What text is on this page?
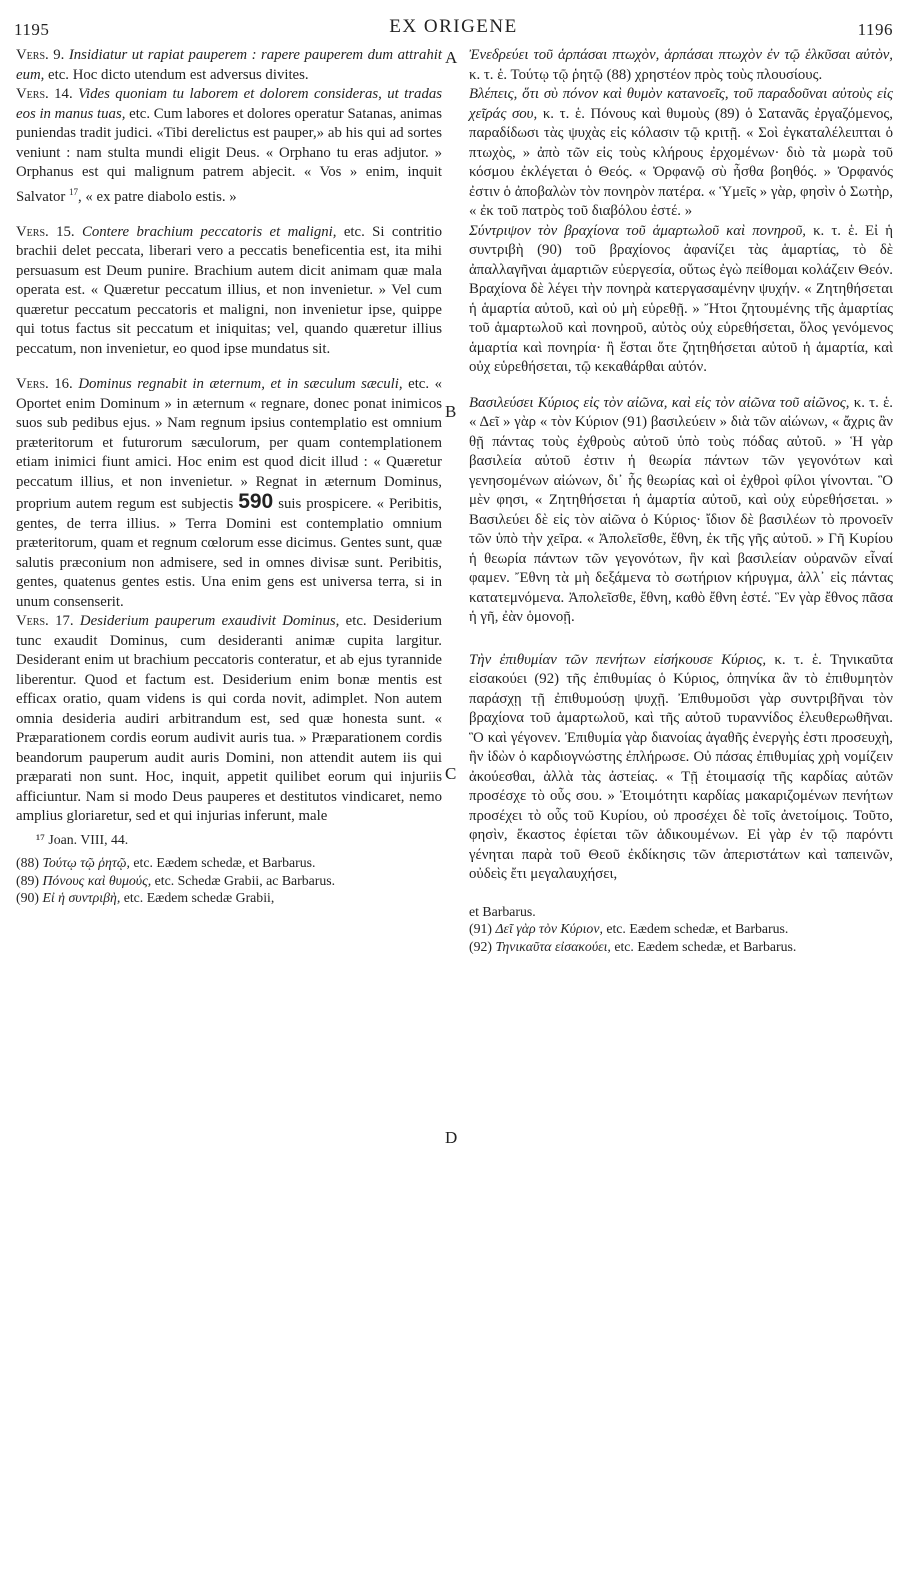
1195	EX ORIGENE	1196
A
B
C
D

Vers. 9. Insidiatur ut rapiat pauperem : rapere pauperem dum attrahit eum, etc. Hoc dicto utendum est adversus divites.

Vers. 14. Vides quoniam tu laborem et dolorem consideras, ut tradas eos in manus tuas, etc. Cum labores et dolores operatur Satanas, animas puniendas tradit judici. «Tibi derelictus est pauper,» ab his qui ad sortes veniunt : nam stulta mundi eligit Deus. « Orphano tu eras adjutor. » Orphanus est qui malignum patrem abjecit. « Vos » enim, inquit Salvator $^{17}$, « ex patre diabolo estis. »

Vers. 15. Contere brachium peccatoris et maligni, etc. Si contritio brachii delet peccata, liberari vero a peccatis beneficentia est, ita mihi persuasum est Deum punire. Brachium autem dicit animam quæ mala operata est. « Quæretur peccatum illius, et non invenietur. » Vel cum quæretur peccatum peccatoris et maligni, non invenietur ipse, quippe qui totus factus sit peccatum et iniquitas; vel, quando quæretur illius peccatum, non invenietur, eo quod ipse mundatus sit.

Vers. 16. Dominus regnabit in æternum, et in sæculum sæculi, etc. « Oportet enim Dominum » in æternum « regnare, donec ponat inimicos suos sub pedibus ejus. » Nam regnum ipsius contemplatio est omnium præteritorum et futurorum sæculorum, per quam contemplationem etiam inimici fiunt amici. Hoc enim est quod dicit illud : « Quæretur peccatum illius, et non invenietur. » Regnat in æternum Dominus, proprium autem regum est subjectis 590 suis prospicere. « Peribitis, gentes, de terra illius. » Terra Domini est contemplatio omnium præteritorum, quam et regnum cœlorum esse dicimus. Gentes sunt, quæ salutis præconium non admisere, sed in omnes divisæ sunt. Peribitis, gentes, quatenus gentes estis. Una enim gens est universa terra, si in unum consenserit.

Vers. 17. Desiderium pauperum exaudivit Dominus, etc. Desiderium tunc exaudit Dominus, cum desideranti animæ cupita largitur. Desiderant enim ut brachium peccatoris conteratur, et ab ejus tyrannide liberentur. Quod et factum est. Desiderium enim bonæ mentis est efficax oratio, quam videns is qui corda novit, adimplet. Non autem omnia desideria audiri arbitrandum est, sed quæ honesta sunt. « Præparationem cordis eorum audivit auris tua. » Præparationem cordis beandorum pauperum audit auris Domini, non attendit autem iis qui præparati non sunt. Hoc, inquit, appetit quilibet eorum qui injuriis afficiuntur. Nam si modo Deus pauperes et destitutos vindicaret, nemo amplius gloriaretur, sed et qui injurias inferunt, male

¹⁷ Joan. VIII, 44.

(88) Τούτῳ τῷ ῥητῷ, etc. Eædem schedæ, et Barbarus.

(89) Πόνους καὶ θυμούς, etc. Schedæ Grabii, ac Barbarus.

(90) Εἰ ἡ συντριβὴ, etc. Eædem schedæ Grabii,

Ἐνεδρεύει τοῦ ἁρπάσαι πτωχὸν, ἁρπάσαι πτωχὸν ἐν τῷ ἑλκῦσαι αὐτὸν, κ. τ. ἑ. Τούτῳ τῷ ῥητῷ (88) χρηστέον πρὸς τοὺς πλουσίους.

Βλέπεις, ὅτι σὺ πόνον καὶ θυμὸν κατανοεῖς, τοῦ παραδοῦναι αὐτοὺς εἰς χεῖράς σου, κ. τ. ἑ. Πόνους καὶ θυμοὺς (89) ὁ Σατανᾶς ἐργαζόμενος, παραδίδωσι τὰς ψυχὰς εἰς κόλασιν τῷ κριτῇ. « Σοὶ ἐγκαταλέλειπται ὁ πτωχὸς, » ἀπὸ τῶν εἰς τοὺς κλήρους ἐρχομένων· διὸ τὰ μωρὰ τοῦ κόσμου ἐκλέγεται ὁ Θεός. « Ὀρφανῷ σὺ ἦσθα βοηθός. » Ὀρφανός ἐστιν ὁ ἀποβαλὼν τὸν πονηρὸν πατέρα. « Ὑμεῖς » γὰρ, φησὶν ὁ Σωτὴρ, « ἐκ τοῦ πατρὸς τοῦ διαβόλου ἐστέ. »

Σύντριψον τὸν βραχίονα τοῦ ἁμαρτωλοῦ καὶ πονηροῦ, κ. τ. ἑ. Εἰ ἡ συντριβὴ (90) τοῦ βραχίονος ἀφανίζει τὰς ἁμαρτίας, τὸ δὲ ἀπαλλαγῆναι ἁμαρτιῶν εὐεργεσία, οὕτως ἐγὼ πείθομαι κολάζειν Θεόν. Βραχίονα δὲ λέγει τὴν πονηρὰ κατεργασαμένην ψυχήν. « Ζητηθήσεται ἡ ἁμαρτία αὐτοῦ, καὶ οὐ μὴ εὑρεθῇ. » Ἤτοι ζητουμένης τῆς ἁμαρτίας τοῦ ἁμαρτωλοῦ καὶ πονηροῦ, αὐτὸς οὐχ εὑρεθήσεται, ὅλος γενόμενος ἁμαρτία καὶ πονηρία· ἢ ἔσται ὅτε ζητηθήσεται αὐτοῦ ἡ ἁμαρτία, καὶ οὐχ εὑρεθήσεται, τῷ κεκαθάρθαι αὐτόν.

Βασιλεύσει Κύριος εἰς τὸν αἰῶνα, καὶ εἰς τὸν αἰῶνα τοῦ αἰῶνος, κ. τ. ἑ. « Δεῖ » γὰρ « τὸν Κύριον (91) βασιλεύειν » διὰ τῶν αἰώνων, « ἄχρις ἂν θῇ πάντας τοὺς ἐχθροὺς αὐτοῦ ὑπὸ τοὺς πόδας αὐτοῦ. » Ἡ γὰρ βασιλεία αὐτοῦ ἐστιν ἡ θεωρία πάντων τῶν γεγονότων καὶ γενησομένων αἰώνων, δι᾽ ἧς θεωρίας καὶ οἱ ἐχθροὶ φίλοι γίνονται. Ὃ μὲν φησι, « Ζητηθήσεται ἡ ἁμαρτία αὐτοῦ, καὶ οὐχ εὑρεθήσεται. » Βασιλεύει δὲ εἰς τὸν αἰῶνα ὁ Κύριος· ἴδιον δὲ βασιλέων τὸ προνοεῖν τῶν ὑπὸ τὴν χεῖρα. « Ἀπολεῖσθε, ἔθνη, ἐκ τῆς γῆς αὐτοῦ. » Γῆ Κυρίου ἡ θεωρία πάντων τῶν γεγονότων, ἣν καὶ βασιλείαν οὐρανῶν εἶναί φαμεν. Ἔθνη τὰ μὴ δεξάμενα τὸ σωτήριον κήρυγμα, ἀλλ᾽ εἰς πάντας κατατεμνόμενα. Ἀπολεῖσθε, ἔθνη, καθὸ ἔθνη ἐστέ. Ἓν γὰρ ἔθνος πᾶσα ἡ γῆ, ἐὰν ὁμονοῇ.

Τὴν ἐπιθυμίαν τῶν πενήτων εἰσήκουσε Κύριος, κ. τ. ἑ. Τηνικαῦτα εἰσακούει (92) τῆς ἐπιθυμίας ὁ Κύριος, ὁπηνίκα ἂν τὸ ἐπιθυμητὸν παράσχῃ τῇ ἐπιθυμούσῃ ψυχῇ. Ἐπιθυμοῦσι γὰρ συντριβῆναι τὸν βραχίονα τοῦ ἁμαρτωλοῦ, καὶ τῆς αὐτοῦ τυραννίδος ἐλευθερωθῆναι. Ὃ καὶ γέγονεν. Ἐπιθυμία γὰρ διανοίας ἀγαθῆς ἐνεργὴς ἐστι προσευχὴ, ἣν ἰδὼν ὁ καρδιογνώστης ἐπλήρωσε. Οὐ πάσας ἐπιθυμίας χρὴ νομίζειν ἀκούεσθαι, ἀλλὰ τὰς ἀστείας. « Τῇ ἑτοιμασίᾳ τῆς καρδίας αὐτῶν προσέσχε τὸ οὖς σου. » Ἑτοιμότητι καρδίας μακαριζομένων πενήτων προσέχει τὸ οὖς τοῦ Κυρίου, οὐ προσέχει δὲ τοῖς ἀνετοίμοις. Τοῦτο, φησὶν, ἕκαστος ἐφίεται τῶν ἀδικουμένων. Εἰ γὰρ ἐν τῷ παρόντι γένηται παρὰ τοῦ Θεοῦ ἐκδίκησις τῶν ἀπεριστάτων καὶ ταπεινῶν, οὐδεὶς ἔτι μεγαλαυχήσει,

et Barbarus.

(91) Δεῖ γὰρ τὸν Κύριον, etc. Eædem schedæ, et Barbarus.

(92) Τηνικαῦτα εἰσακούει, etc. Eædem schedæ, et Barbarus.
